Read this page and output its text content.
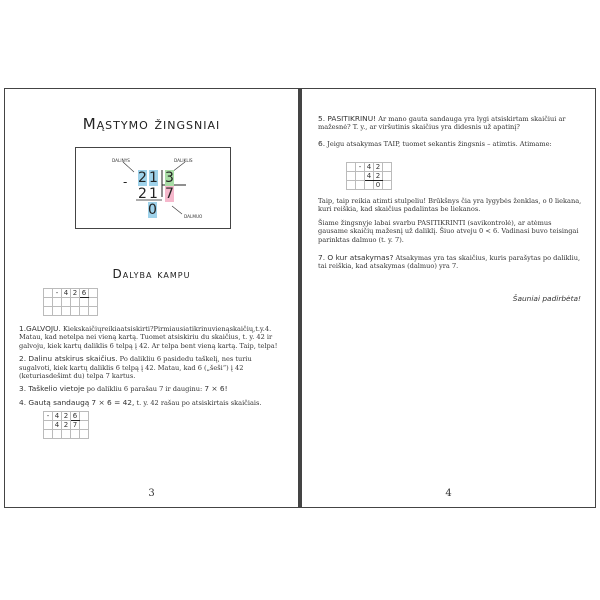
Mąstymo žingsniai
DALINYS	DALIKLIS
DALMUO
- 2 1 3
2 1 7
0
Dalyba kampu
	-	4	2	6	

1.GALVOJU. Kiekskaičiųreikiaatsiskirti?Pirmiausiatikrinuvienąskaičių,t.y.4. Matau, kad netelpa nei vieną kartą. Tuomet atsiskiriu du skaičius, t. y. 42 ir galvoju, kiek kartų daliklis 6 telpą į 42. Ar telpa bent vieną kartą. Taip, telpa!

2. Dalinu atskirus skaičius. Po dalikliu 6 pasidedu taškelį, nes turiu sugalvoti, kiek kartų daliklis 6 telpą į 42. Matau, kad 6 („šeši“) į 42 (keturiasdešimt du) telpa 7 kartus.

3. Taškelio vietoje po dalikliu 6 parašau 7 ir dauginu: 7 × 6!

4. Gautą sandaugą 7 × 6 = 42, t. y. 42 rašau po atsiskirtais skaičiais.

-	4	2	6	
	4	2	7	

3

5. PASITIKRINU! Ar mano gauta sandauga yra lygi atsiskirtam skaičiui ar mažesnė? T. y., ar viršutinis skaičius yra didesnis už apatinį?

6. Jeigu atsakymas TAIP, tuomet sekantis žingsnis – atimtis. Atimame:

	-	4	2	
		4	2	
			0	

Taip, taip reikia atimti stulpeliu! Brūkšnys čia yra lygybės ženklas, o 0 liekana, kuri reiškia, kad skaičius padalintas be liekanos.

Šiame žingsnyje labai svarbu PASITIKRINTI (savikontrolė), ar atėmus gausame skaičių mažesnį už daliklį. Šiuo atveju 0 < 6. Vadinasi buvo teisingai parinktas dalmuo (t. y. 7).

7. O kur atsakymas? Atsakymas yra tas skaičius, kuris parašytas po dalikliu, tai reiškia, kad atsakymas (dalmuo) yra 7.

Šauniai padirbėta!
4
